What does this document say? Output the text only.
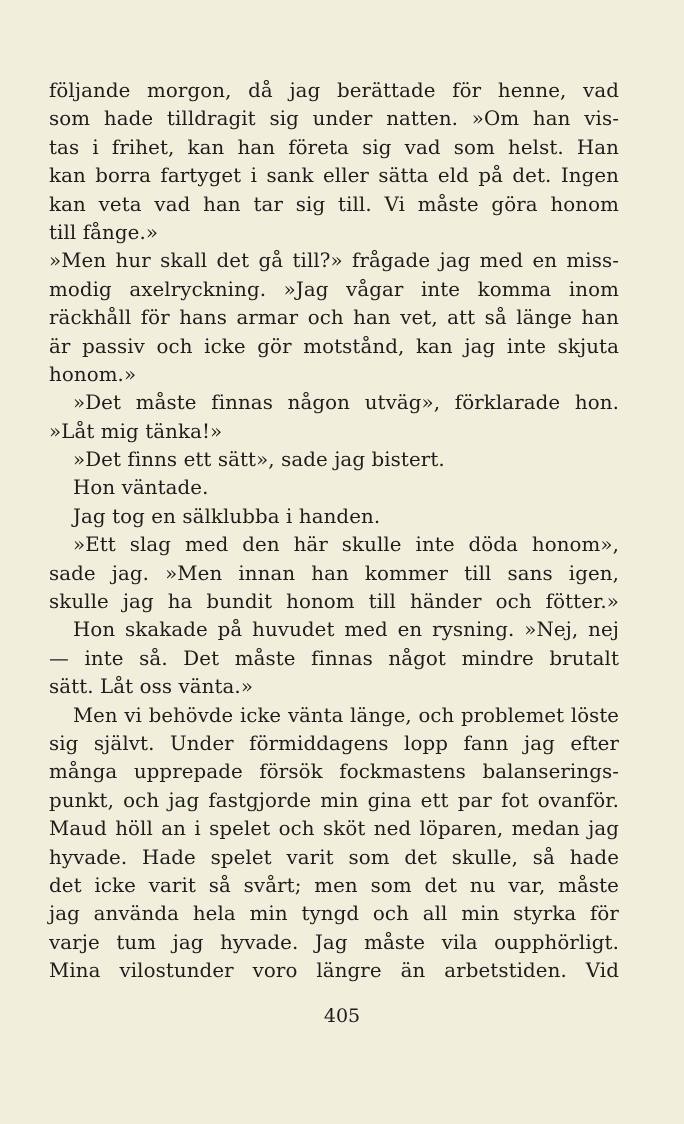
följande morgon, då jag berättade för henne, vad
som hade tilldragit sig under natten. »Om han vis-
tas i frihet, kan han företa sig vad som helst. Han
kan borra fartyget i sank eller sätta eld på det. Ingen
kan veta vad han tar sig till. Vi måste göra honom
till fånge.»
»Men hur skall det gå till?» frågade jag med en miss-
modig axelryckning. »Jag vågar inte komma inom
räckhåll för hans armar och han vet, att så länge han
är passiv och icke gör motstånd, kan jag inte skjuta
honom.»
»Det måste finnas någon utväg», förklarade hon.
»Låt mig tänka!»
»Det finns ett sätt», sade jag bistert.
Hon väntade.
Jag tog en sälklubba i handen.
»Ett slag med den här skulle inte döda honom»,
sade jag. »Men innan han kommer till sans igen,
skulle jag ha bundit honom till händer och fötter.»
Hon skakade på huvudet med en rysning. »Nej, nej
— inte så. Det måste finnas något mindre brutalt
sätt. Låt oss vänta.»
Men vi behövde icke vänta länge, och problemet löste
sig självt. Under förmiddagens lopp fann jag efter
många upprepade försök fockmastens balanserings-
punkt, och jag fastgjorde min gina ett par fot ovanför.
Maud höll an i spelet och sköt ned löparen, medan jag
hyvade. Hade spelet varit som det skulle, så hade
det icke varit så svårt; men som det nu var, måste
jag använda hela min tyngd och all min styrka för
varje tum jag hyvade. Jag måste vila oupphörligt.
Mina vilostunder voro längre än arbetstiden. Vid
405
